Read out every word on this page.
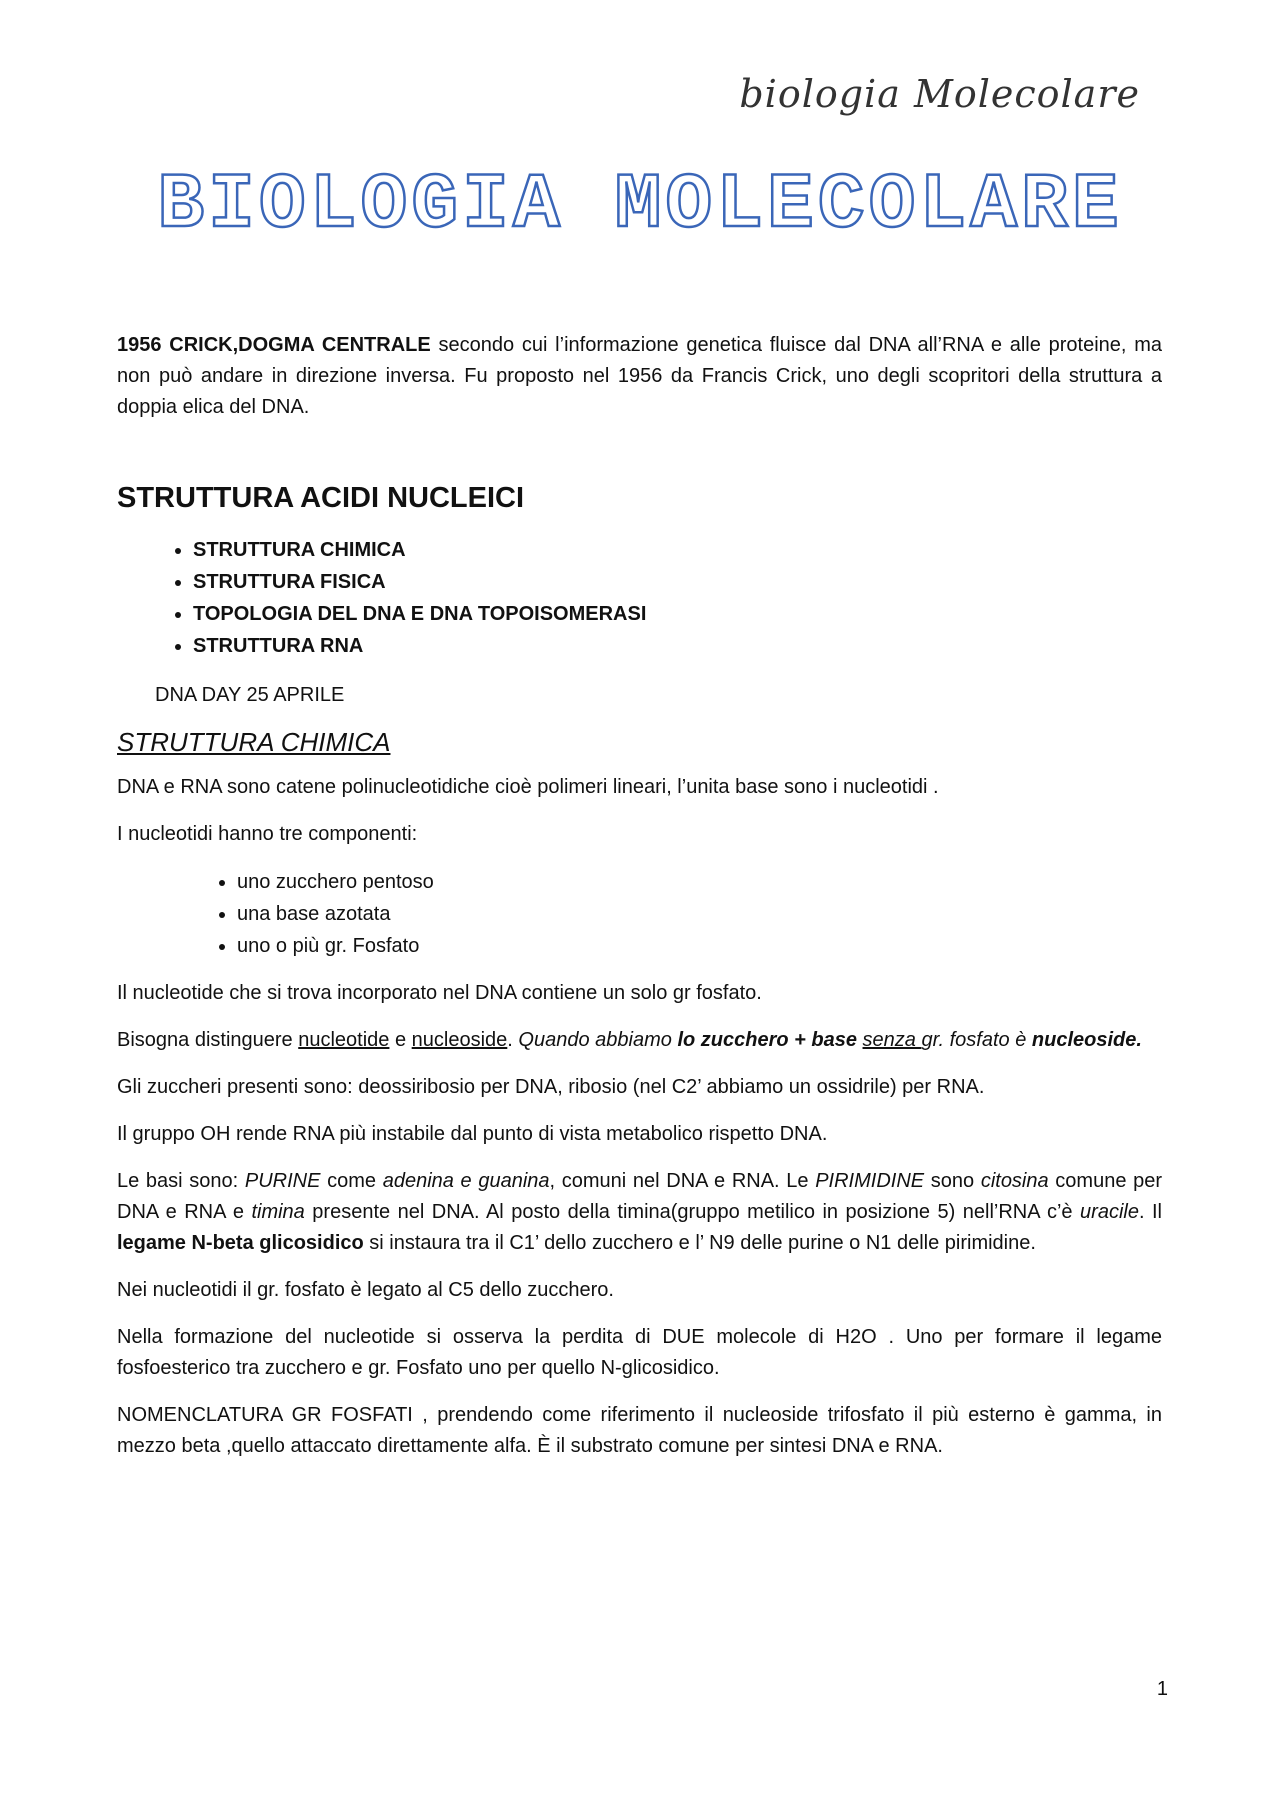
biologia Molecolare
BIOLOGIA MOLECOLARE

1956 CRICK,DOGMA CENTRALE secondo cui l’informazione genetica fluisce dal DNA all’RNA e alle proteine, ma non può andare in direzione inversa. Fu proposto nel 1956 da Francis Crick, uno degli scopritori della struttura a doppia elica del DNA.

STRUTTURA ACIDI NUCLEICI
• STRUTTURA CHIMICA
• STRUTTURA FISICA
• TOPOLOGIA DEL DNA E DNA TOPOISOMERASI
• STRUTTURA RNA

DNA DAY 25 APRILE

STRUTTURA CHIMICA

DNA e RNA sono catene polinucleotidiche cioè polimeri lineari, l’unita base sono i nucleotidi .

I nucleotidi hanno tre componenti:

• uno zucchero pentoso
• una base azotata
• uno o più gr. Fosfato

Il nucleotide che si trova incorporato nel DNA contiene un solo gr fosfato.

Bisogna distinguere nucleotide e nucleoside. Quando abbiamo lo zucchero + base senza gr. fosfato è nucleoside.

Gli zuccheri presenti sono: deossiribosio per DNA, ribosio (nel C2’ abbiamo un ossidrile) per RNA.

Il gruppo OH rende RNA più instabile dal punto di vista metabolico rispetto DNA.

Le basi sono: PURINE come adenina e guanina, comuni nel DNA e RNA. Le PIRIMIDINE sono citosina comune per DNA e RNA e timina presente nel DNA. Al posto della timina(gruppo metilico in posizione 5) nell’RNA c’è uracile. Il legame N-beta glicosidico si instaura tra il C1’ dello zucchero e l’ N9 delle purine o N1 delle pirimidine.

Nei nucleotidi il gr. fosfato è legato al C5 dello zucchero.

Nella formazione del nucleotide si osserva la perdita di DUE molecole di H2O . Uno per formare il legame fosfoesterico tra zucchero e gr. Fosfato uno per quello N-glicosidico.

NOMENCLATURA GR FOSFATI , prendendo come riferimento il nucleoside trifosfato il più esterno è gamma, in mezzo beta ,quello attaccato direttamente alfa. È il substrato comune per sintesi DNA e RNA.

1
